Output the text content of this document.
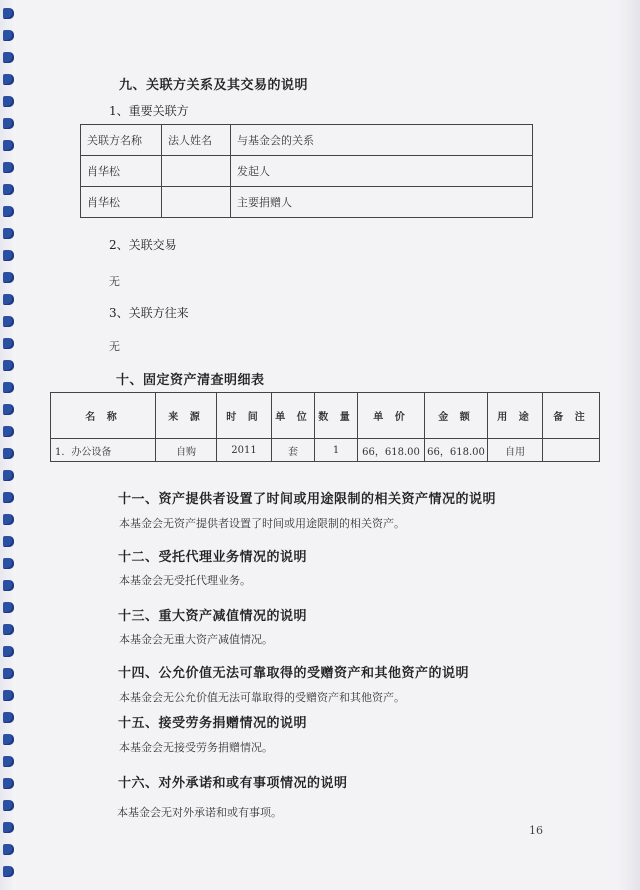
九、关联方关系及其交易的说明
1、重要关联方
关联方名称	法人姓名	与基金会的关系
肖华松		发起人
肖华松		主要捐赠人
2、关联交易
无
3、关联方往来
无
十、固定资产清查明细表
名 称	来 源	时 间	单 位	数 量	单 价	金 额	用 途	备 注
1．办公设备	自购	2011	套	1	66，618.00	66，618.00	自用	
十一、资产提供者设置了时间或用途限制的相关资产情况的说明
本基金会无资产提供者设置了时间或用途限制的相关资产。
十二、受托代理业务情况的说明
本基金会无受托代理业务。
十三、重大资产减值情况的说明
本基金会无重大资产减值情况。
十四、公允价值无法可靠取得的受赠资产和其他资产的说明
本基金会无公允价值无法可靠取得的受赠资产和其他资产。
十五、接受劳务捐赠情况的说明
本基金会无接受劳务捐赠情况。
十六、对外承诺和或有事项情况的说明
本基金会无对外承诺和或有事项。
16
